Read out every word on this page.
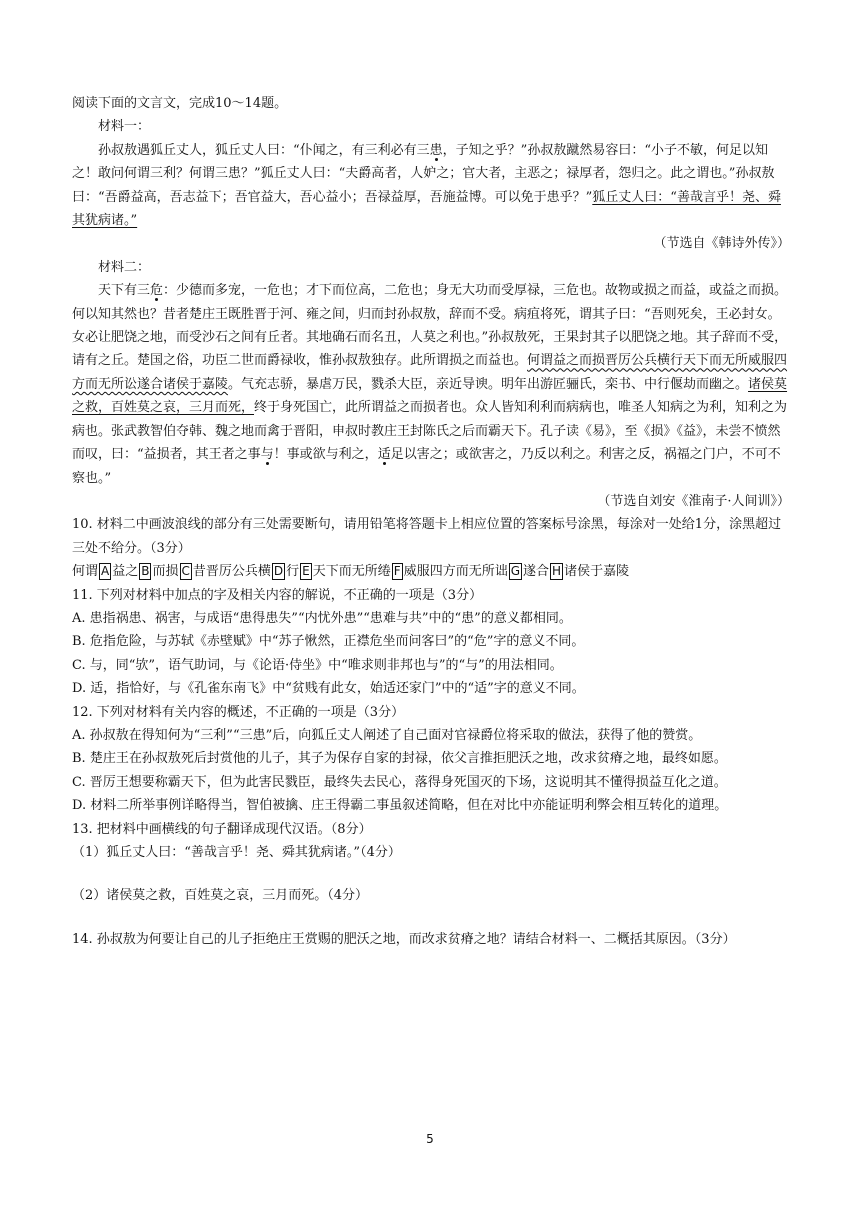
阅读下面的文言文，完成10～14题。

材料一：

孙叔敖遇狐丘丈人，狐丘丈人曰：“仆闻之，有三利必有三患，子知之乎？”孙叔敖蹴然易容曰：“小子不敏，何足以知之！敢问何谓三利？何谓三患？”狐丘丈人曰：“夫爵高者，人妒之；官大者，主恶之；禄厚者，怨归之。此之谓也。”孙叔敖曰：“吾爵益高，吾志益下；吾官益大，吾心益小；吾禄益厚，吾施益博。可以免于患乎？”狐丘丈人曰：“善哉言乎！尧、舜其犹病诸。”

（节选自《韩诗外传》）

材料二：

天下有三危：少德而多宠，一危也；才下而位高，二危也；身无大功而受厚禄，三危也。故物或损之而益，或益之而损。何以知其然也？昔者楚庄王既胜晋于河、雍之间，归而封孙叔敖，辞而不受。病疽将死，谓其子曰：“吾则死矣，王必封女。女必让肥饶之地，而受沙石之间有丘者。其地确石而名丑，人莫之利也。”孙叔敖死，王果封其子以肥饶之地。其子辞而不受，请有之丘。楚国之俗，功臣二世而爵禄收，惟孙叔敖独存。此所谓损之而益也。何谓益之而损晋厉公兵横行天下而无所威服四方而无所讼遂合诸侯于嘉陵。气充志骄，暴虐万民，戮杀大臣，亲近导谀。明年出游匠骊氏，栾书、中行偃劫而幽之。诸侯莫之救，百姓莫之哀，三月而死，终于身死国亡，此所谓益之而损者也。众人皆知利利而病病也，唯圣人知病之为利，知利之为病也。张武教智伯夺韩、魏之地而禽于晋阳，申叔时教庄王封陈氏之后而霸天下。孔子读《易》，至《损》《益》，未尝不愤然而叹，曰：“益损者，其王者之事与！事或欲与利之，适足以害之；或欲害之，乃反以利之。利害之反，祸福之门户，不可不察也。”

（节选自刘安《淮南子·人间训》）

10. 材料二中画波浪线的部分有三处需要断句，请用铅笔将答题卡上相应位置的答案标号涂黑，每涂对一处给1分，涂黑超过三处不给分。（3分）

何谓 A 益之 B 而损 C 昔晋厉公兵横 D 行 E 天下而无所绻 F 威服四方而无所诎 G 遂合 H 诸侯于嘉陵

11. 下列对材料中加点的字及相关内容的解说，不正确的一项是（3分）

A. 患指祸患、祸害，与成语“患得患失”“内忧外患”“患难与共”中的“患”的意义都相同。

B. 危指危险，与苏轼《赤壁赋》中“苏子愀然，正襟危坐而问客曰”的“危”字的意义不同。

C. 与，同“欤”，语气助词，与《论语·侍坐》中“唯求则非邦也与”的“与”的用法相同。

D. 适，指恰好，与《孔雀东南飞》中“贫贱有此女，始适还家门”中的“适”字的意义不同。

12. 下列对材料有关内容的概述，不正确的一项是（3分）

A. 孙叔敖在得知何为“三利”“三患”后，向狐丘丈人阐述了自己面对官禄爵位将采取的做法，获得了他的赞赏。

B. 楚庄王在孙叔敖死后封赏他的儿子，其子为保存自家的封禄，依父言推拒肥沃之地，改求贫瘠之地，最终如愿。

C. 晋厉王想要称霸天下，但为此害民戮臣，最终失去民心，落得身死国灭的下场，这说明其不懂得损益互化之道。

D. 材料二所举事例详略得当，智伯被擒、庄王得霸二事虽叙述简略，但在对比中亦能证明利弊会相互转化的道理。

13. 把材料中画横线的句子翻译成现代汉语。（8分）

（1）狐丘丈人曰：“善哉言乎！尧、舜其犹病诸。”（4分）

（2）诸侯莫之救，百姓莫之哀，三月而死。（4分）

14. 孙叔敖为何要让自己的儿子拒绝庄王赏赐的肥沃之地，而改求贫瘠之地？请结合材料一、二概括其原因。（3分）

5
